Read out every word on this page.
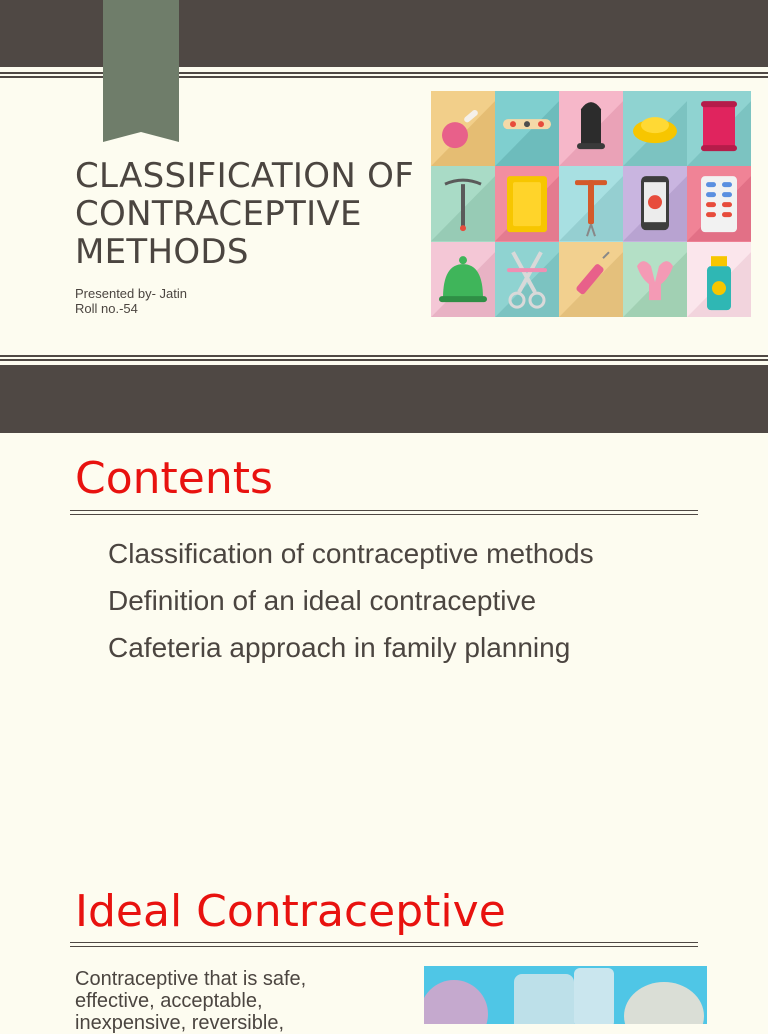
CLASSIFICATION OF
CONTRACEPTIVE
METHODS
Presented by- Jatin
Roll no.-54
Contents
Classification of contraceptive methods
Definition of an ideal contraceptive
Cafeteria approach in family planning
Ideal Contraceptive
Contraceptive that is safe,
effective, acceptable,
inexpensive, reversible,
